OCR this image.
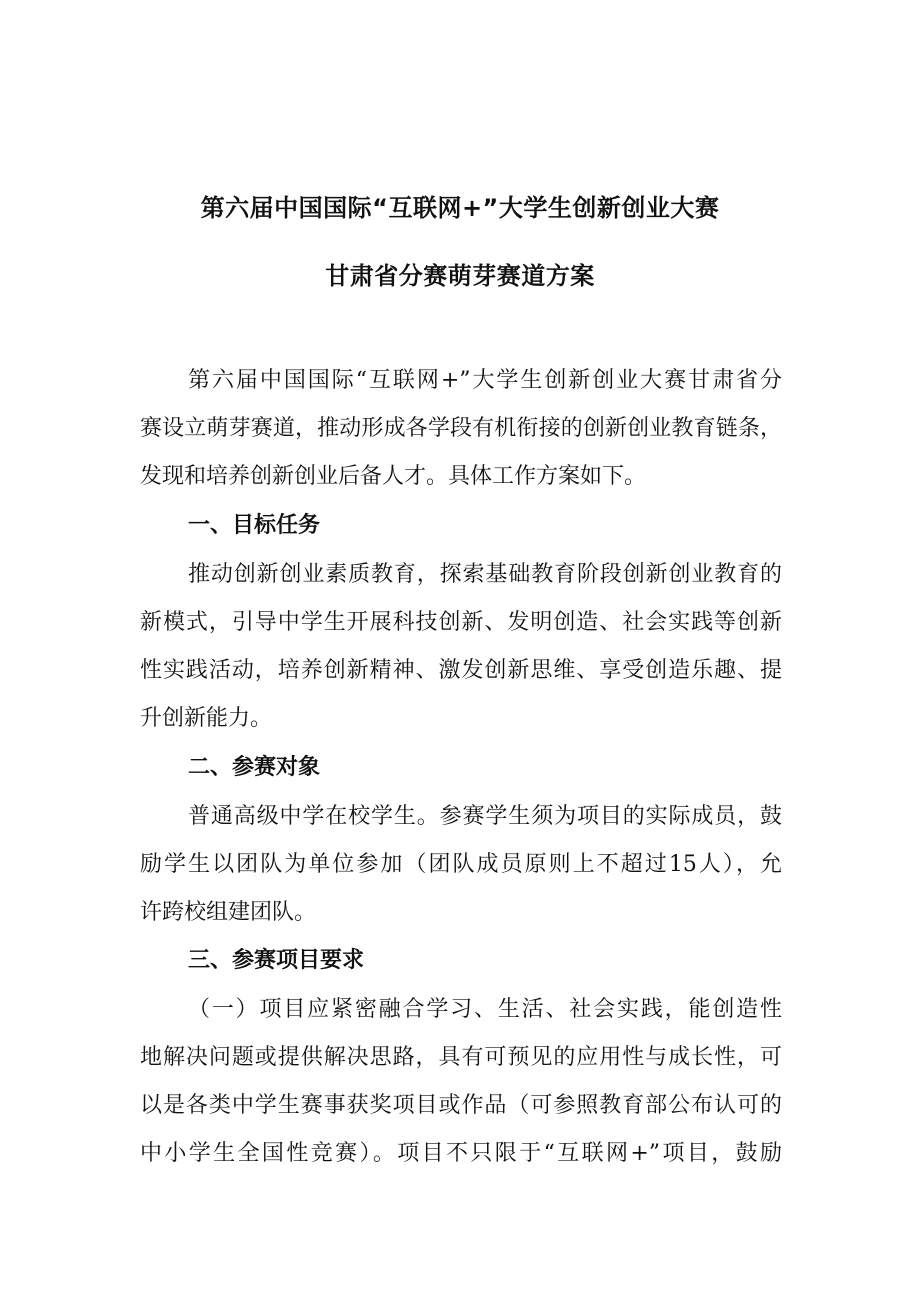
第六届中国国际“互联网+”大学生创新创业大赛
甘肃省分赛萌芽赛道方案
第六届中国国际“互联网+”大学生创新创业大赛甘肃省分
赛设立萌芽赛道，推动形成各学段有机衔接的创新创业教育链条，
发现和培养创新创业后备人才。具体工作方案如下。
一、目标任务
推动创新创业素质教育，探索基础教育阶段创新创业教育的
新模式，引导中学生开展科技创新、发明创造、社会实践等创新
性实践活动，培养创新精神、激发创新思维、享受创造乐趣、提
升创新能力。
二、参赛对象
普通高级中学在校学生。参赛学生须为项目的实际成员，鼓
励学生以团队为单位参加（团队成员原则上不超过15人），允
许跨校组建团队。
三、参赛项目要求
（一）项目应紧密融合学习、生活、社会实践，能创造性
地解决问题或提供解决思路，具有可预见的应用性与成长性，可
以是各类中学生赛事获奖项目或作品（可参照教育部公布认可的
中小学生全国性竞赛）。项目不只限于“互联网+”项目，鼓励
